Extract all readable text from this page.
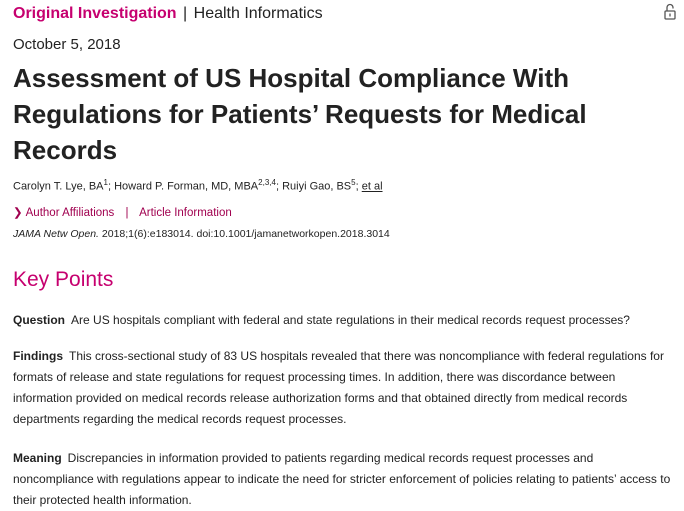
Original Investigation | Health Informatics
October 5, 2018
Assessment of US Hospital Compliance With Regulations for Patients’ Requests for Medical Records
Carolyn T. Lye, $BA^1$; Howard P. Forman, MD, MBA$^{2,3,4}$; Ruiyi Gao, $BS^5$; et al
❯ Author Affiliations | Article Information
JAMA Netw Open. 2018;1(6):e183014. doi:10.1001/jamanetworkopen.2018.3014
Key Points

Question Are US hospitals compliant with federal and state regulations in their medical records request processes?

Findings This cross-sectional study of 83 US hospitals revealed that there was noncompliance with federal regulations for formats of release and state regulations for request processing times. In addition, there was discordance between information provided on medical records release authorization forms and that obtained directly from medical records departments regarding the medical records request processes.

Meaning Discrepancies in information provided to patients regarding medical records request processes and noncompliance with regulations appear to indicate the need for stricter enforcement of policies relating to patients’ access to their protected health information.
